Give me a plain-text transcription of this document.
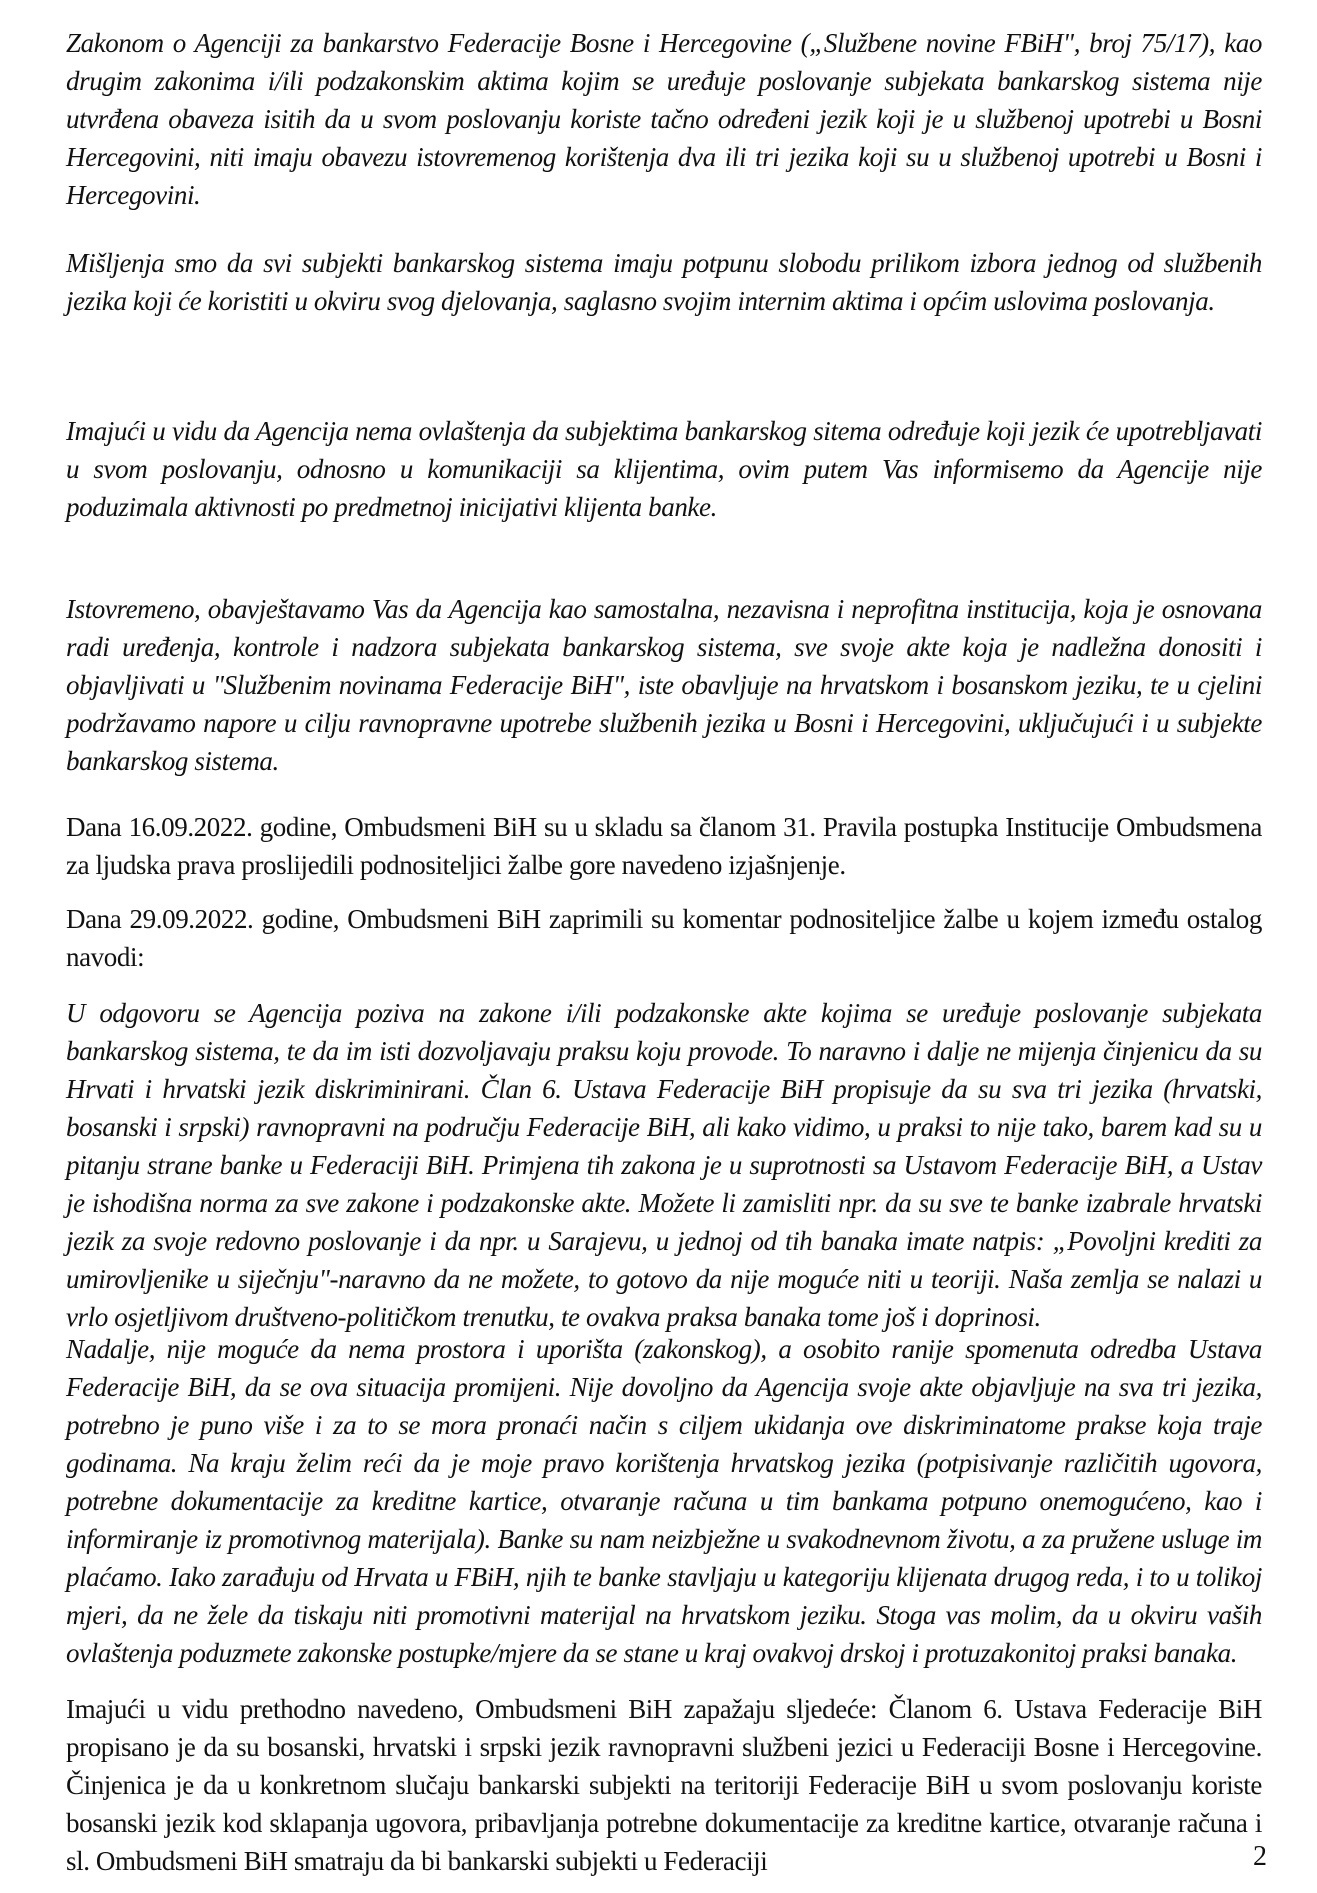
Zakonom o Agenciji za bankarstvo Federacije Bosne i Hercegovine („Službene novine FBiH", broj 75/17), kao drugim zakonima i/ili podzakonskim aktima kojim se uređuje poslovanje subjekata bankarskog sistema nije utvrđena obaveza isitih da u svom poslovanju koriste tačno određeni jezik koji je u službenoj upotrebi u Bosni Hercegovini, niti imaju obavezu istovremenog korištenja dva ili tri jezika koji su u službenoj upotrebi u Bosni i Hercegovini.

Mišljenja smo da svi subjekti bankarskog sistema imaju potpunu slobodu prilikom izbora jednog od službenih jezika koji će koristiti u okviru svog djelovanja, saglasno svojim internim aktima i općim uslovima poslovanja.

Imajući u vidu da Agencija nema ovlaštenja da subjektima bankarskog sitema određuje koji jezik će upotrebljavati u svom poslovanju, odnosno u komunikaciji sa klijentima, ovim putem Vas informisemo da Agencije nije poduzimala aktivnosti po predmetnoj inicijativi klijenta banke.

Istovremeno, obavještavamo Vas da Agencija kao samostalna, nezavisna i neprofitna institucija, koja je osnovana radi uređenja, kontrole i nadzora subjekata bankarskog sistema, sve svoje akte koja je nadležna donositi i objavljivati u "Službenim novinama Federacije BiH", iste obavljuje na hrvatskom i bosanskom jeziku, te u cjelini podržavamo napore u cilju ravnopravne upotrebe službenih jezika u Bosni i Hercegovini, uključujući i u subjekte bankarskog sistema.

Dana 16.09.2022. godine, Ombudsmeni BiH su u skladu sa članom 31. Pravila postupka Institucije Ombudsmena za ljudska prava proslijedili podnositeljici žalbe gore navedeno izjašnjenje.

Dana 29.09.2022. godine, Ombudsmeni BiH zaprimili su komentar podnositeljice žalbe u kojem između ostalog navodi:

U odgovoru se Agencija poziva na zakone i/ili podzakonske akte kojima se uređuje poslovanje subjekata bankarskog sistema, te da im isti dozvoljavaju praksu koju provode. To naravno i dalje ne mijenja činjenicu da su Hrvati i hrvatski jezik diskriminirani. Član 6. Ustava Federacije BiH propisuje da su sva tri jezika (hrvatski, bosanski i srpski) ravnopravni na području Federacije BiH, ali kako vidimo, u praksi to nije tako, barem kad su u pitanju strane banke u Federaciji BiH. Primjena tih zakona je u suprotnosti sa Ustavom Federacije BiH, a Ustav je ishodišna norma za sve zakone i podzakonske akte. Možete li zamisliti npr. da su sve te banke izabrale hrvatski jezik za svoje redovno poslovanje i da npr. u Sarajevu, u jednoj od tih banaka imate natpis: „Povoljni krediti za umirovljenike u siječnju"-naravno da ne možete, to gotovo da nije moguće niti u teoriji. Naša zemlja se nalazi u vrlo osjetljivom društveno-političkom trenutku, te ovakva praksa banaka tome još i doprinosi.

Nadalje, nije moguće da nema prostora i uporišta (zakonskog), a osobito ranije spomenuta odredba Ustava Federacije BiH, da se ova situacija promijeni. Nije dovoljno da Agencija svoje akte objavljuje na sva tri jezika, potrebno je puno više i za to se mora pronaći način s ciljem ukidanja ove diskriminatome prakse koja traje godinama. Na kraju želim reći da je moje pravo korištenja hrvatskog jezika (potpisivanje različitih ugovora, potrebne dokumentacije za kreditne kartice, otvaranje računa u tim bankama potpuno onemogućeno, kao i informiranje iz promotivnog materijala). Banke su nam neizbježne u svakodnevnom životu, a za pružene usluge im plaćamo. Iako zarađuju od Hrvata u FBiH, njih te banke stavljaju u kategoriju klijenata drugog reda, i to u tolikoj mjeri, da ne žele da tiskaju niti promotivni materijal na hrvatskom jeziku. Stoga vas molim, da u okviru vaših ovlaštenja poduzmete zakonske postupke/mjere da se stane u kraj ovakvoj drskoj i protuzakonitoj praksi banaka.

Imajući u vidu prethodno navedeno, Ombudsmeni BiH zapažaju sljedeće: Članom 6. Ustava Federacije BiH propisano je da su bosanski, hrvatski i srpski jezik ravnopravni službeni jezici u Federaciji Bosne i Hercegovine. Činjenica je da u konkretnom slučaju bankarski subjekti na teritoriji Federacije BiH u svom poslovanju koriste bosanski jezik kod sklapanja ugovora, pribavljanja potrebne dokumentacije za kreditne kartice, otvaranje računa i sl. Ombudsmeni BiH smatraju da bi bankarski subjekti u Federaciji	2
